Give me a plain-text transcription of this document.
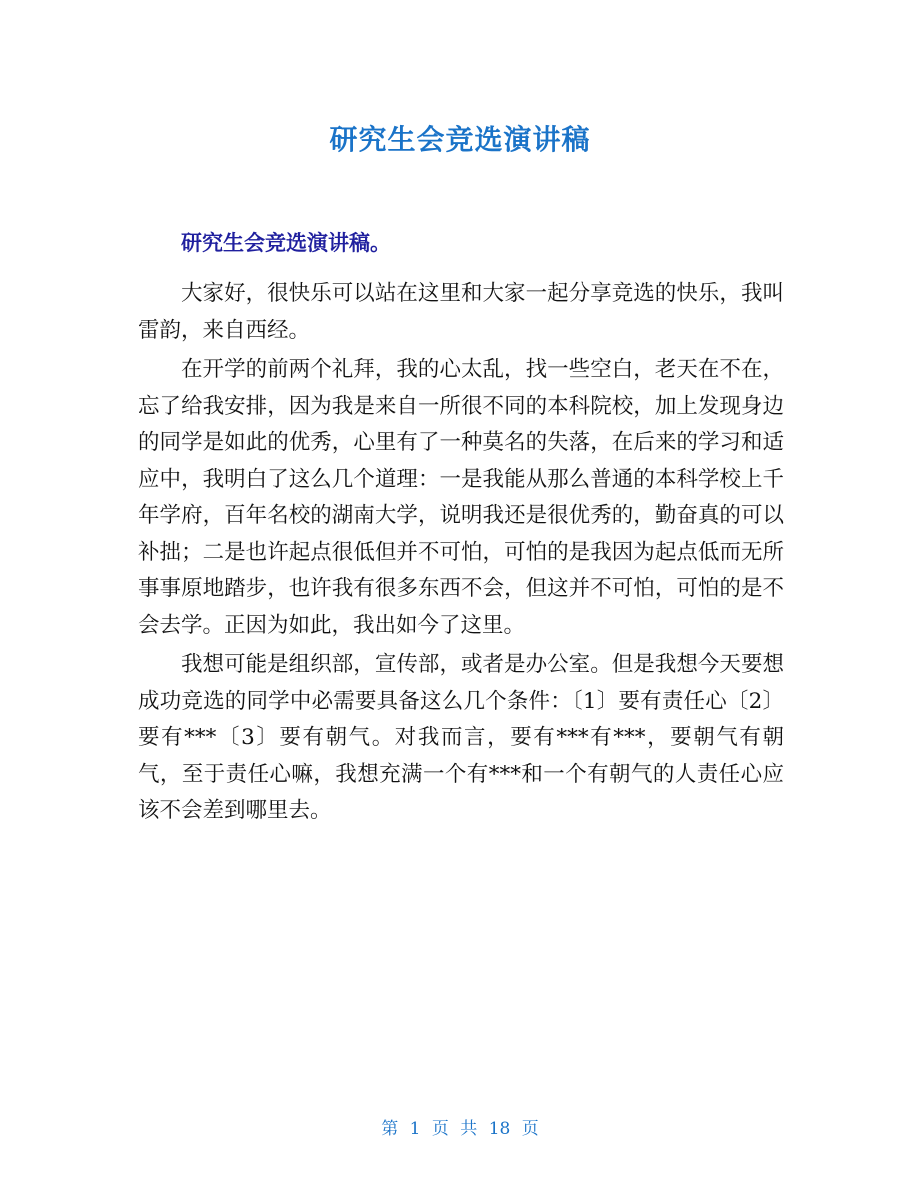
研究生会竞选演讲稿
研究生会竞选演讲稿。

大家好，很快乐可以站在这里和大家一起分享竞选的快乐，我叫雷韵，来自西经。

在开学的前两个礼拜，我的心太乱，找一些空白，老天在不在，忘了给我安排，因为我是来自一所很不同的本科院校，加上发现身边的同学是如此的优秀，心里有了一种莫名的失落，在后来的学习和适应中，我明白了这么几个道理：一是我能从那么普通的本科学校上千年学府，百年名校的湖南大学，说明我还是很优秀的，勤奋真的可以补拙；二是也许起点很低但并不可怕，可怕的是我因为起点低而无所事事原地踏步，也许我有很多东西不会，但这并不可怕，可怕的是不会去学。正因为如此，我出如今了这里。

我想可能是组织部，宣传部，或者是办公室。但是我想今天要想成功竞选的同学中必需要具备这么几个条件：〔1〕要有责任心〔2〕要有***〔3〕要有朝气。对我而言，要有***有***，要朝气有朝气，至于责任心嘛，我想充满一个有***和一个有朝气的人责任心应该不会差到哪里去。

第 1 页 共 18 页
